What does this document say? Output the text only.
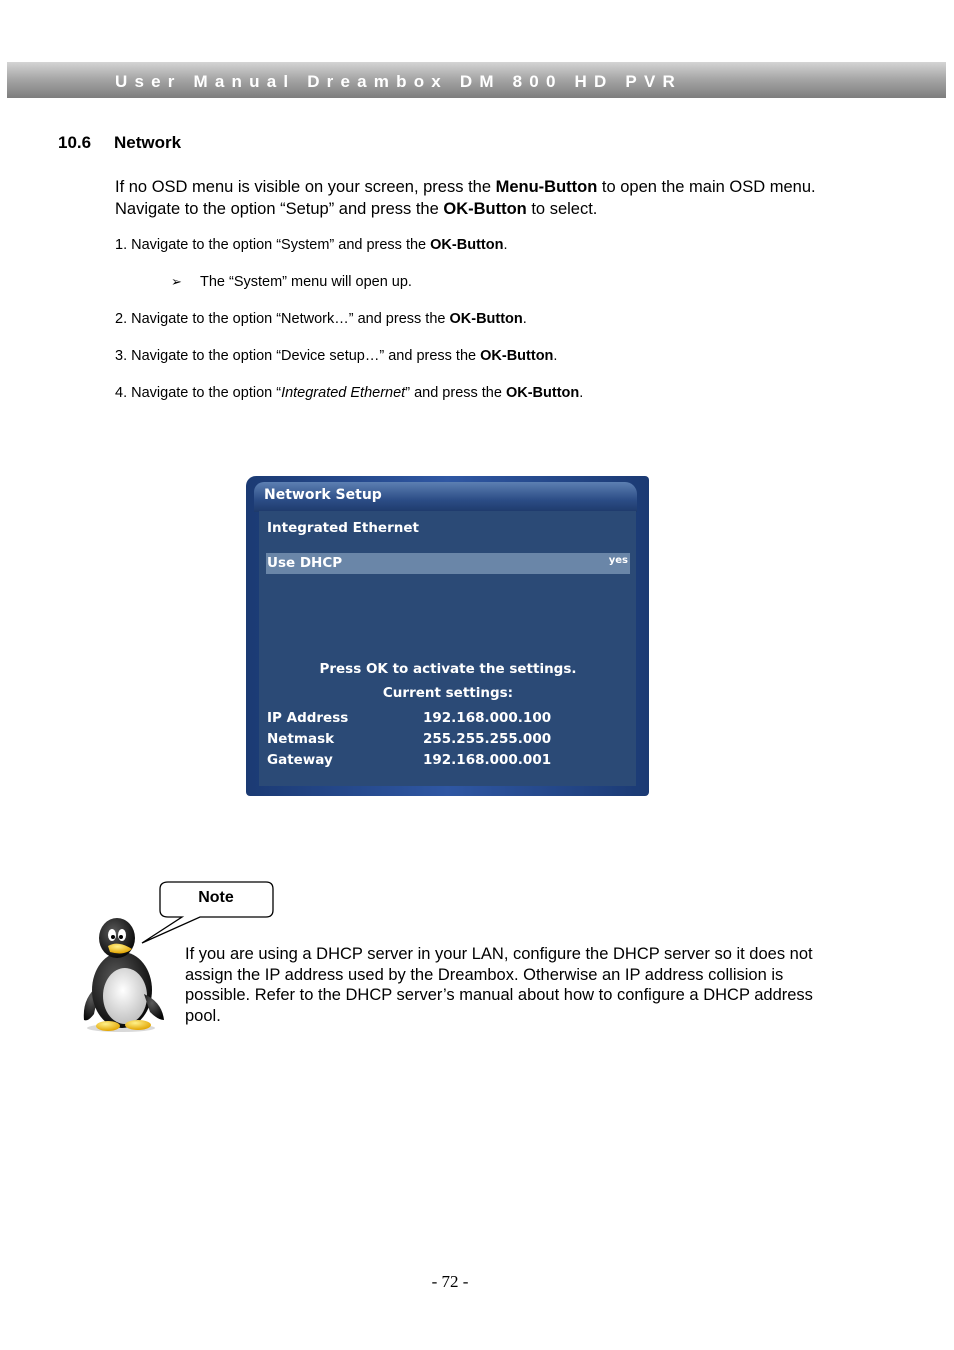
User Manual Dreambox DM 800 HD PVR
10.6 Network
If no OSD menu is visible on your screen, press the Menu-Button to open the main OSD menu. Navigate to the option “Setup” and press the OK-Button to select.
1. Navigate to the option “System” and press the OK-Button.
➢ The “System” menu will open up.
2. Navigate to the option “Network…” and press the OK-Button.
3. Navigate to the option “Device setup…” and press the OK-Button.
4. Navigate to the option “Integrated Ethernet” and press the OK-Button.
Network Setup
Integrated Ethernet
Use DHCP	yes
Press OK to activate the settings.
Current settings:
IP Address	192.168.000.100
Netmask	255.255.255.000
Gateway	192.168.000.001
Note
If you are using a DHCP server in your LAN, configure the DHCP server so it does not assign the IP address used by the Dreambox. Otherwise an IP address collision is possible. Refer to the DHCP server’s manual about how to configure a DHCP address pool.
- 72 -
